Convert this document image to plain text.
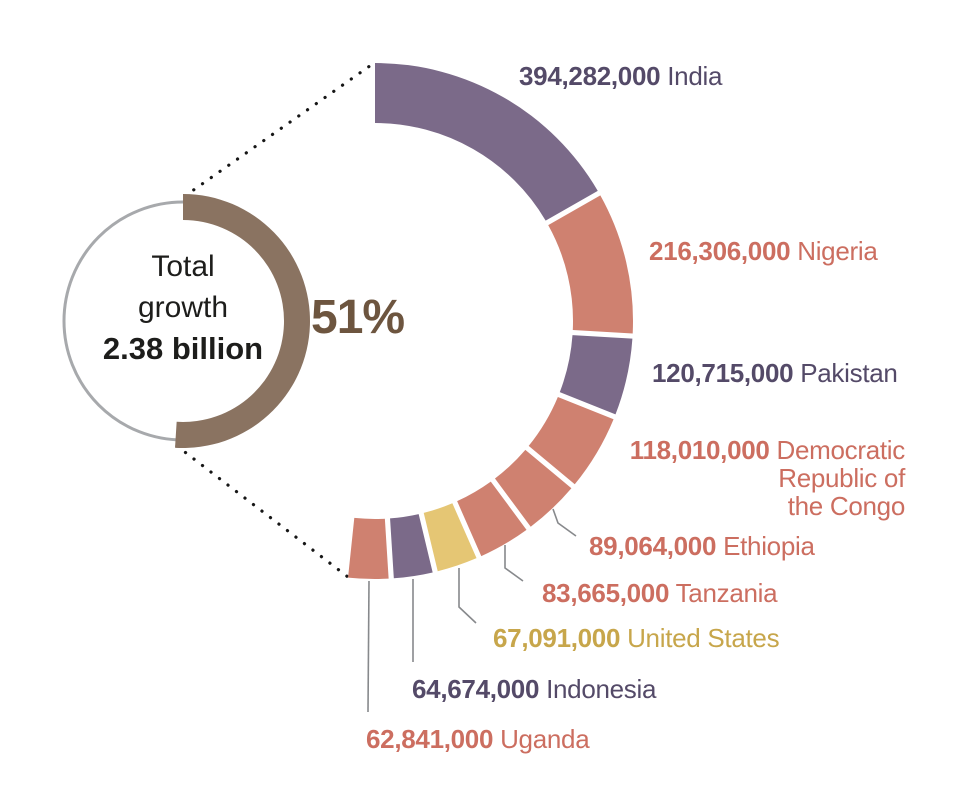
Total
growth
2.38 billion
51%
394,282,000 India
216,306,000 Nigeria
120,715,000 Pakistan
118,010,000 Democratic
Republic of
the Congo
89,064,000 Ethiopia
83,665,000 Tanzania
67,091,000 United States
64,674,000 Indonesia
62,841,000 Uganda
